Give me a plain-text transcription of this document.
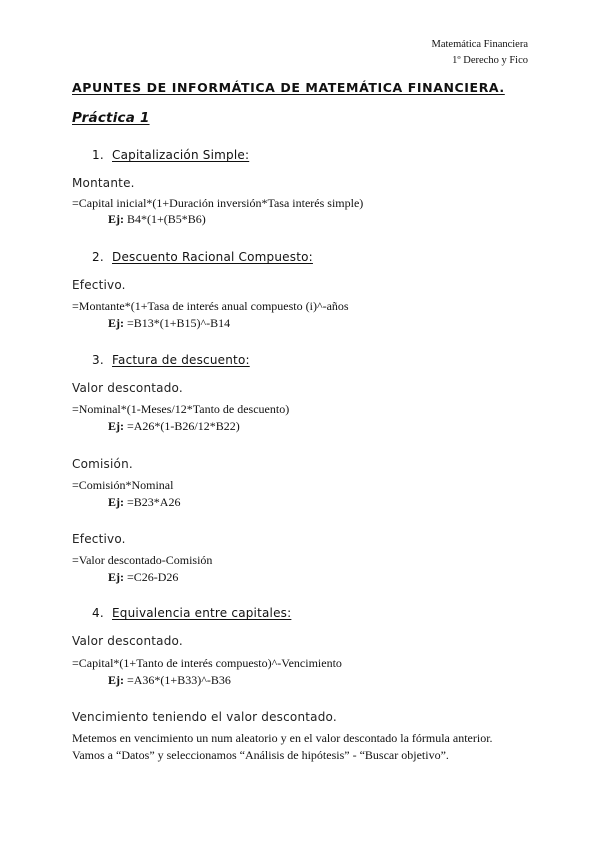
Matemática Financiera
1º Derecho y Fico
APUNTES DE INFORMÁTICA DE MATEMÁTICA FINANCIERA.
Práctica 1
1. Capitalización Simple:
Montante.
=Capital inicial*(1+Duración inversión*Tasa interés simple)
Ej: B4*(1+(B5*B6)
2. Descuento Racional Compuesto:
Efectivo.
=Montante*(1+Tasa de interés anual compuesto (i)^-años
Ej: =B13*(1+B15)^-B14
3. Factura de descuento:
Valor descontado.
=Nominal*(1-Meses/12*Tanto de descuento)
Ej: =A26*(1-B26/12*B22)
Comisión.
=Comisión*Nominal
Ej: =B23*A26
Efectivo.
=Valor descontado-Comisión
Ej: =C26-D26
4. Equivalencia entre capitales:
Valor descontado.
=Capital*(1+Tanto de interés compuesto)^-Vencimiento
Ej: =A36*(1+B33)^-B36
Vencimiento teniendo el valor descontado.
Metemos en vencimiento un num aleatorio y en el valor descontado la fórmula anterior.
Vamos a “Datos” y seleccionamos “Análisis de hipótesis” - “Buscar objetivo”.
